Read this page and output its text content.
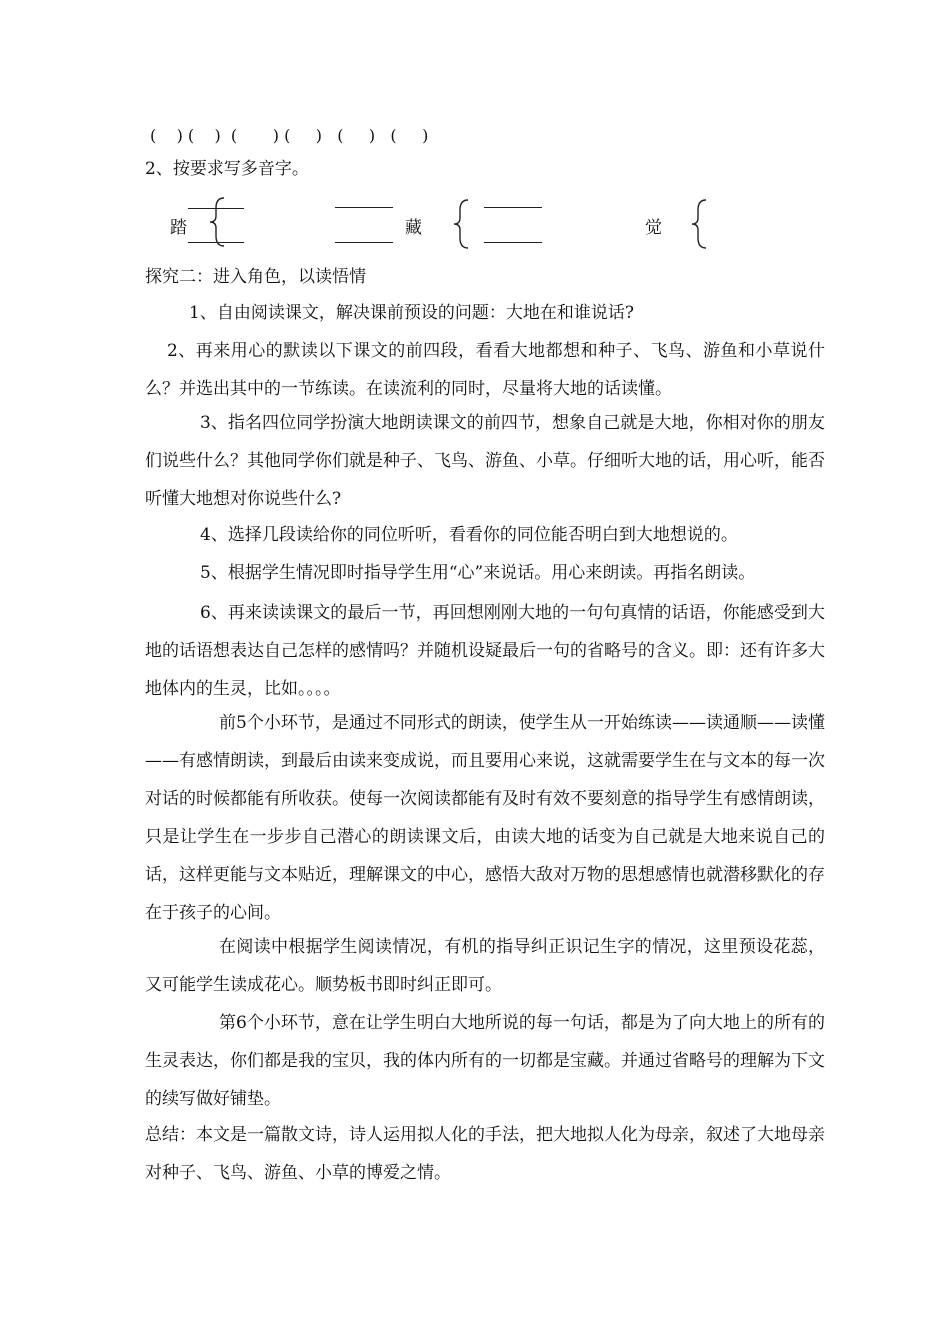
(    ) (    )  (       ) (     )   (     )   (     )
2、按要求写多音字。
踏	藏	觉
探究二：进入角色，以读悟情

1、自由阅读课文，解决课前预设的问题：大地在和谁说话?

2、再来用心的默读以下课文的前四段，看看大地都想和种子、飞鸟、游鱼和小草说什么？并选出其中的一节练读。在读流利的同时，尽量将大地的话读懂。

3、指名四位同学扮演大地朗读课文的前四节，想象自己就是大地，你相对你的朋友们说些什么？其他同学你们就是种子、飞鸟、游鱼、小草。仔细听大地的话，用心听，能否听懂大地想对你说些什么?

4、选择几段读给你的同位听听，看看你的同位能否明白到大地想说的。

5、根据学生情况即时指导学生用“心”来说话。用心来朗读。再指名朗读。

6、再来读读课文的最后一节，再回想刚刚大地的一句句真情的话语，你能感受到大地的话语想表达自己怎样的感情吗？并随机设疑最后一句的省略号的含义。即：还有许多大地体内的生灵，比如。。。。

前5个小环节，是通过不同形式的朗读，使学生从一开始练读——读通顺——读懂——有感情朗读，到最后由读来变成说，而且要用心来说，这就需要学生在与文本的每一次对话的时候都能有所收获。使每一次阅读都能有及时有效不要刻意的指导学生有感情朗读，只是让学生在一步步自己潜心的朗读课文后，由读大地的话变为自己就是大地来说自己的话，这样更能与文本贴近，理解课文的中心，感悟大敌对万物的思想感情也就潜移默化的存在于孩子的心间。

在阅读中根据学生阅读情况，有机的指导纠正识记生字的情况，这里预设花蕊，又可能学生读成花心。顺势板书即时纠正即可。

第6个小环节，意在让学生明白大地所说的每一句话，都是为了向大地上的所有的生灵表达，你们都是我的宝贝，我的体内所有的一切都是宝藏。并通过省略号的理解为下文的续写做好铺垫。

总结：本文是一篇散文诗，诗人运用拟人化的手法，把大地拟人化为母亲，叙述了大地母亲对种子、飞鸟、游鱼、小草的博爱之情。
